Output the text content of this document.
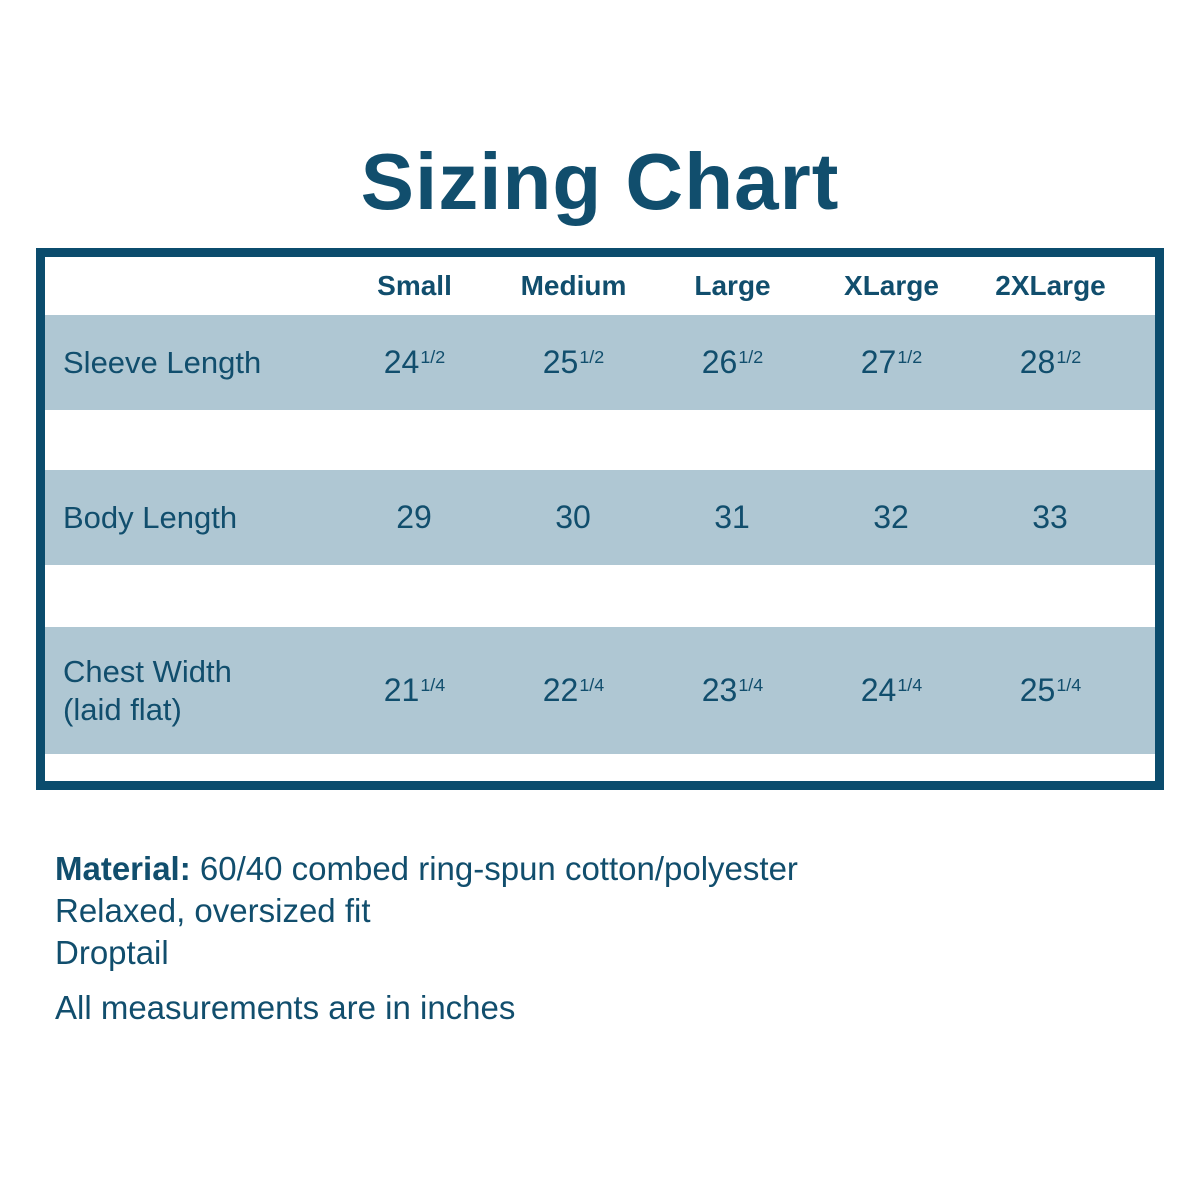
Sizing Chart
	Small	Medium	Large	XLarge	2XLarge	
Sleeve Length	$24^{1/2}$	$25^{1/2}$	$26^{1/2}$	$27^{1/2}$	$28^{1/2}$	

Body Length	29	30	31	32	33	

Chest Width
(laid flat)	$21^{1/4}$	$22^{1/4}$	$23^{1/4}$	$24^{1/4}$	$25^{1/4}$	

Material: 60/40 combed ring-spun cotton/polyester

Relaxed, oversized fit

Droptail

All measurements are in inches
